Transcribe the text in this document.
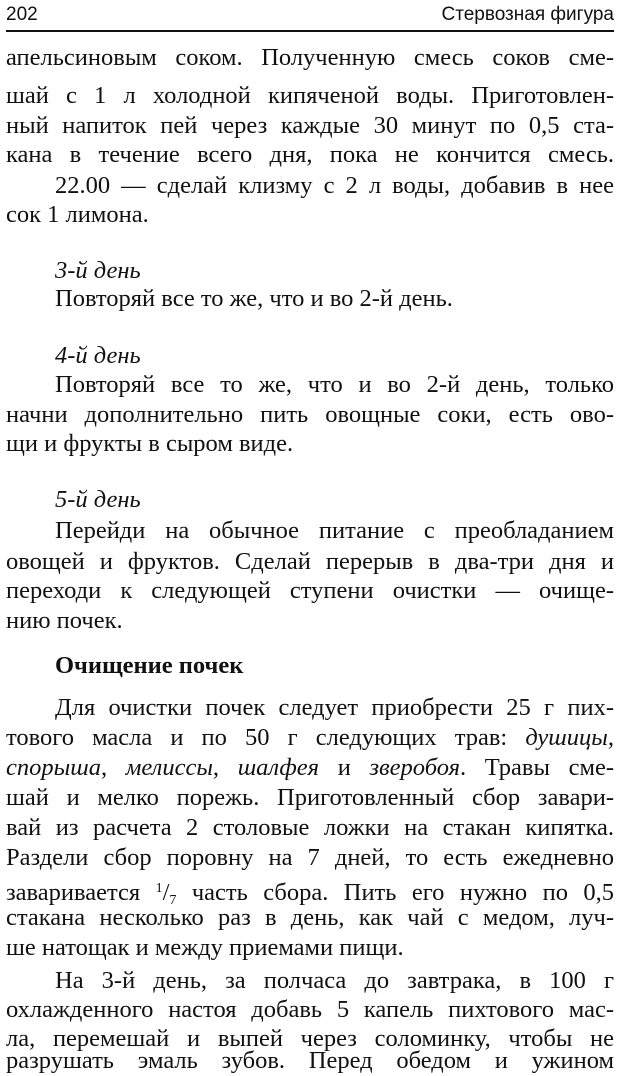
202	Стервозная фигура
апельсиновым соком. Полученную смесь соков сме-
шай с 1 л холодной кипяченой воды. Приготовлен-
ный напиток пей через каждые 30 минут по 0,5 ста-
кана в течение всего дня, пока не кончится смесь.
22.00 — сделай клизму с 2 л воды, добавив в нее
сок 1 лимона.
3-й день
Повторяй все то же, что и во 2-й день.
4-й день
Повторяй все то же, что и во 2-й день, только
начни дополнительно пить овощные соки, есть ово-
щи и фрукты в сыром виде.
5-й день
Перейди на обычное питание с преобладанием
овощей и фруктов. Сделай перерыв в два-три дня и
переходи к следующей ступени очистки — очище-
нию почек.
Очищение почек
Для очистки почек следует приобрести 25 г пих-
тового масла и по 50 г следующих трав: душицы,
спорыша, мелиссы, шалфея и зверобоя. Травы сме-
шай и мелко порежь. Приготовленный сбор завари-
вай из расчета 2 столовые ложки на стакан кипятка.
Раздели сбор поровну на 7 дней, то есть ежедневно
заваривается $^1/_7$ часть сбора. Пить его нужно по 0,5
стакана несколько раз в день, как чай с медом, луч-
ше натощак и между приемами пищи.
На 3-й день, за полчаса до завтрака, в 100 г
охлажденного настоя добавь 5 капель пихтового мас-
ла, перемешай и выпей через соломинку, чтобы не
разрушать эмаль зубов. Перед обедом и ужином
